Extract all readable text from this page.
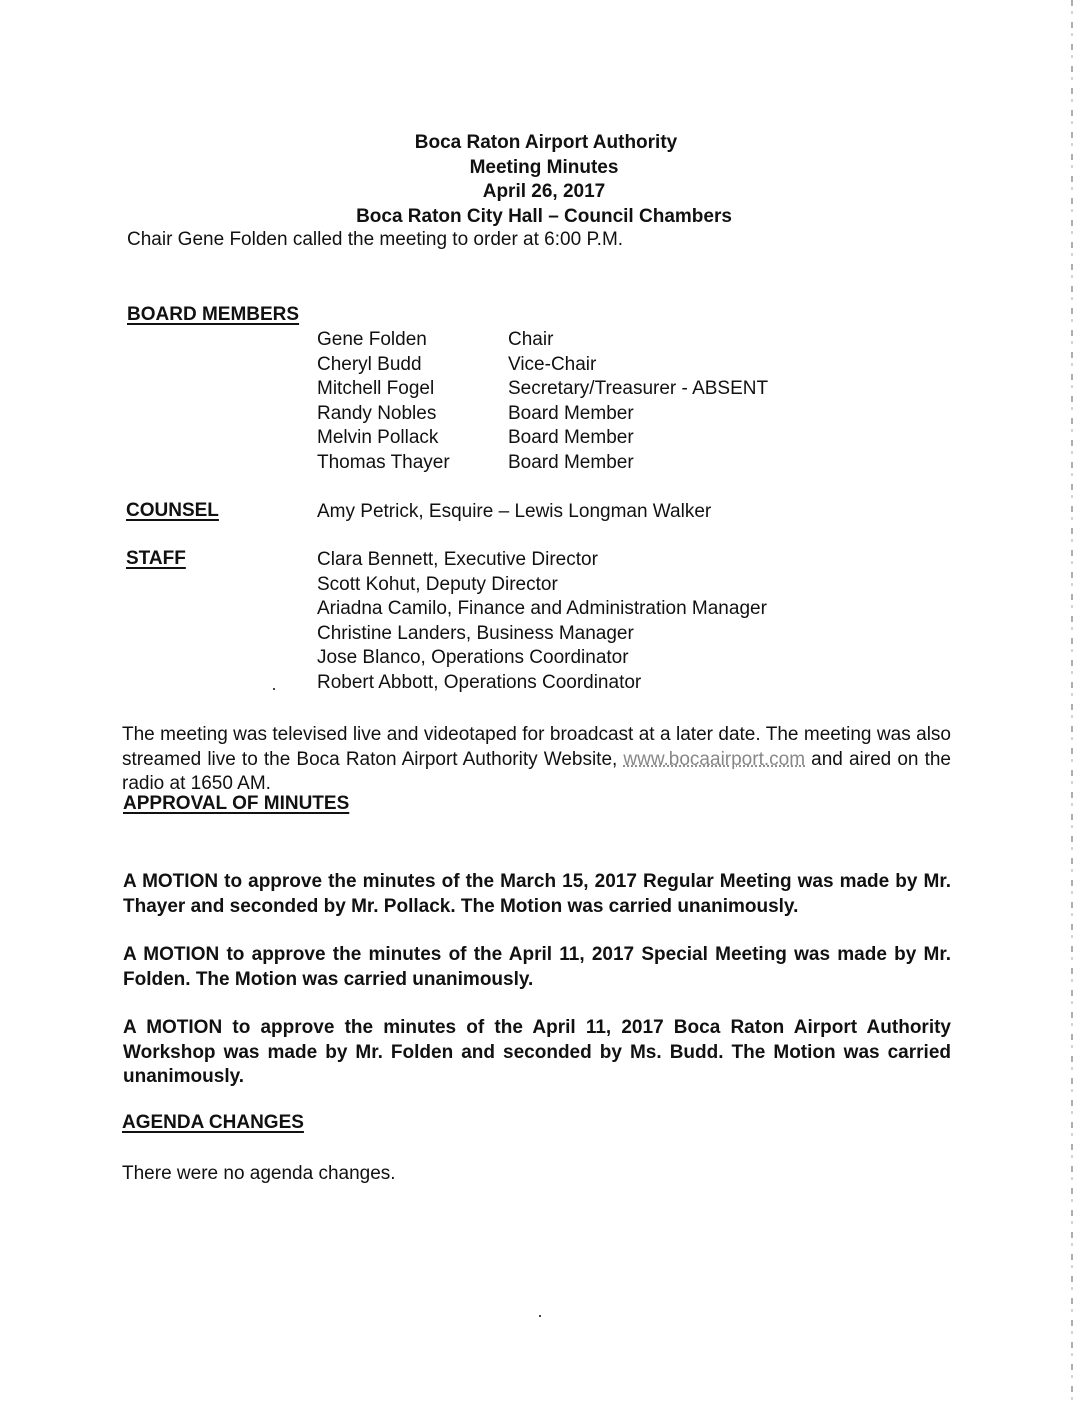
Boca Raton Airport Authority
Meeting Minutes
April 26, 2017
Boca Raton City Hall – Council Chambers
Chair Gene Folden called the meeting to order at 6:00 P.M.
BOARD MEMBERS
Gene Folden	Chair
Cheryl Budd	Vice-Chair
Mitchell Fogel	Secretary/Treasurer - ABSENT
Randy Nobles	Board Member
Melvin Pollack	Board Member
Thomas Thayer	Board Member
COUNSEL	Amy Petrick, Esquire – Lewis Longman Walker
STAFF	Clara Bennett, Executive Director
Scott Kohut, Deputy Director
Ariadna Camilo, Finance and Administration Manager
Christine Landers, Business Manager
Jose Blanco, Operations Coordinator
Robert Abbott, Operations Coordinator
The meeting was televised live and videotaped for broadcast at a later date. The meeting was also streamed live to the Boca Raton Airport Authority Website, www.bocaairport.com and aired on the radio at 1650 AM.
APPROVAL OF MINUTES
A MOTION to approve the minutes of the March 15, 2017 Regular Meeting was made by Mr. Thayer and seconded by Mr. Pollack. The Motion was carried unanimously.
A MOTION to approve the minutes of the April 11, 2017 Special Meeting was made by Mr. Folden. The Motion was carried unanimously.
A MOTION to approve the minutes of the April 11, 2017 Boca Raton Airport Authority Workshop was made by Mr. Folden and seconded by Ms. Budd. The Motion was carried unanimously.
AGENDA CHANGES
There were no agenda changes.
